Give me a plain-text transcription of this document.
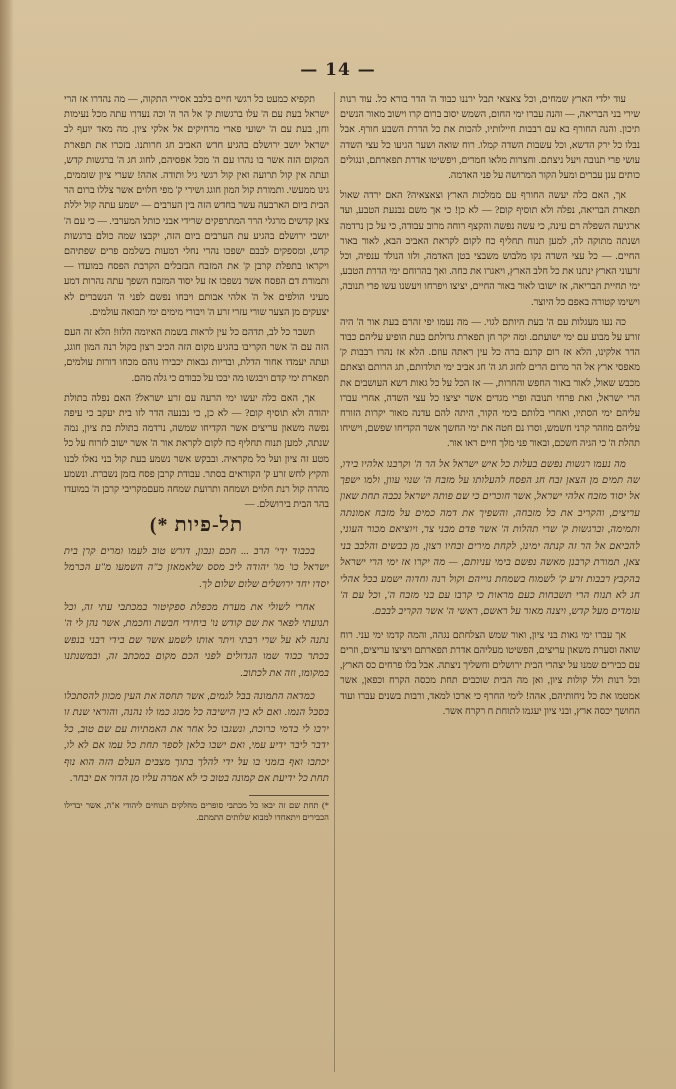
— 14 —

עוד ילדי הארץ שמחים, וכל צאצאי תבל ירננו כבוד ה' הדר בורא כל. עוד רנות שירי בני הבריאה, — והנה עברו ימי החום, השמש יסוב ברום קרו וישוב מאור הנשים תיכון. והנה החורף בא עם רבבות חיילותיו, להכות את כל הדרת השבע חורף. אבל נבלו כל ירק הדשא, וכל עשבות השדה קמלו. רוח שואה ושער הגיעו כל עצי השדה עושי פרי תנובה ויעל ניצתם. וחצרות מלאו חמרים, ויפשיטו אדרת תפארתם, ונגולים כותים ענן עברים ומעל הקור המרושה על פני האדמה.

אך, האם כלה יעשה החורף עם ממלכות הארץ וצאצאיה? האם ירדה שאול תפארת הבריאה, נפלה ולא תוסיף קום? — לא כן! כי אך משם נבנעת הטבע, ועד ארגיעה השפלה רם עינה, כי עשה נפשה והקצף רוחה מרוב עבודה, כי על כן נרדמה ושנתה מתוקה לה, למען תנוח תחליף כח לקום לקראת האביב הבא, לאור באור החיים. — כל עצי השדה נקו מלבוש משבצי בטן האדמה, ולזו הנולד ענפיה, וכל זרעוני הארץ ינתנו את כל חלב הארץ, ויאגרו את כחה. ואך בהרוחם ימי הדרת הטבע, ימי תחיית הבריאה, אז ישובו לאור באור החיים, יציצו ויפרחו ויעשנו עשו פרי תנובה, וישימו קטורה באפם כל היוצר.

כה נעו מעגלות עם ה' בעת היותם לגוי. — מה נעמו יפי זהרם בעת אור ה' היה זורע על מבוע עם ימי ישועתם. ומה יקר חן תפארת גדולתם בעת הופיע עליהם כבוד הדר אלקינו, הלא אז רום קרנם ברה כל עין ראתה עוזם. הלא אז נהרו רבבות ק' מאפסי ארץ אל הר מרום הרים לחוג חג ה' חג אביב ימי תולדותם, תג הרותם וצאתם מכבש שאול, לאור באור החפש והחרות, — אז הכל על כל גאות דשא העושבים את הרי ישראל, ואת פרחי תנובה ופרי מגדים אשר יציצו כל עצי השדה, אחרי עברו עליהם ימי הסתיו, ואחרי בלותם בימי הקור, היתה להם עדנה מאור יקרות הזורח עליהם מוזהר קרני חשמש, וסרו נם חטה את ימי החשך אשר הקדיחו שפשם, וישיחו תהלת ה' כי הגיה חשכם, ובאור פני מלך חיים ראו אור.

מה נעמו רגשות נפשם בעלות כל איש ישראל אל הר ה' וקרבנו אלהיו בידו, שה תמים מן הצאן זבח חג הפסח להעלותו על מזבח ה' שנוי עוון, ולמו ישפך אל יסוד מזבח אלהי ישראל, אשר חוכרים כי שם פותה ישראל נכבה תחת שאון עריצים, והקריב את כל מזבחה, והשפיך את דמה כמים על מזבח אמונתה ותמימה, וברגשות ק' שרי תהלות ה' אשר פדם מבני צר, ויוציאם מכור העוני, להביאם אל הר זה קנתה ימינו, לקחת מירים ובחיו רצון, מן בבשים והלבב בני צאן, תמורת קרבנן מאשה נפשם בימי עניותם, — מה יקרו אז ימי הרי ישראל בהקבץ רבבות זרע ק' לשמוח בשמחת גוייהם וקול רנה וחדוה ישמע בכל אהלי חג לא תנוח הרי תשבחות כעם מראות כי קרבו עם בני מזבח ה', וכל עם ה' עומדים מעל קדש, ויצנה מאור על ראשם, ראשי ה' אשר הקריב לבבם.

אך עברו ימי גאות בני ציון, ואור שמש הצלחתם נגהה, והמה קדמו ימי עני. רוח שואה וסערת משאון עריצים, הפשיטו מעליהם אדרת תפארתם ויציצו עריצים, וזרים עם כבירים שמנו על יצהרי הבית ירושלים וחשליך ניצתה. אבל בלו פרחים כס הארץ, וכל רנות ולל קולות ציון, ואן מה הבית שוכבים תחת מכסה הקרח וכפאן, אשר אמטמו את כל ניחותיהם, אהה! לימי החרף כי ארכו למאד, ורבות בשנים עברו ועוד החושך יכסה ארץ, ובני ציון יעגמו לתוחת ח רקרח אשר.

תקפיא כמעט כל רגשי חיים בלבב אסירי התקוה, — מה נהדרו אז הרי ישראל בעת עם ה' עלו ברגשות ק' אל הר ה' וכה נעדרו עתה מכל נעימות וחן, בעת עם ה' ישועי פארי מרחיקים אל אלקי ציון. מה מאד יועף לב ישראל יושב ירושלם בהגיע חדש האביב חג חרותנו. בזכרו את תפארת המקום הזה אשר בו נהרו עם ה' מכל אפסיהם, לחוג חג ה' ברגשות קדש, ועתה אין קול תרועה ואין קול רגשי גיל ותודה. אהה! שערי ציון שוממים, גינו ממעשי. ותמורת קול המון חוגג ושירי ק' מפי חלוים אשר צללו ברום הר הבית ביום הארבעה עשר בחדש הזה בין הערבים — ישמע עתה קול יללת צאן קדשים מרגלי הרר המתרפקים שרידי אבני כותל המערבי. — כי עם ה' יושבי ירושלם בהגיע עת הערבים ביום הזה, יקבצו שמה כולם ברגשות קדש, ומספקים לבבם ישפכו נהרי נחלי דמעות בשלמם פרים שפתיהם ויקראו בתפלת קרבן ק' את המזבח הבזבלים הקרבת הפסח במועדו — ותמורת דם הפסח אשר נשפכו אז על יסוד המזבח השפך עתה נהרות דמע מעיני הולפים אל ה' אלהי אבותם ויבחו נפשם לפני ה' הנשברים לא יצעקים מן הצער שורי עזרי זרע ה' ויבורי מימים ימי תבואה עולמים.

תשבר כל לב, תדהם כל עין לראות בשמת האיומה הלזו! הלא זה העם הזה עם ה' אשר הקריבו בהגיע מקום הזה הכיב רצון בקול רנה המון חוגג, ועתה יעמדו אחור הדלת, ובריות גבאות יכבירו נוהם מכחו דורות עולמים, תפארת ימי קדם ויבגשו מה יבכו על כבודם כי גלה מהם.

אך, האם כלה יעשו ימי הרעה עם זרע ישראל? האם נפלה בתולת יהודה ולא תוסיף קום? — לא כן, כי נבנעה הדר לזו בית יעקב כי עיפה נפשה משאון עריצים אשר הקדיחו שמשה, נרדמה בתולת בת ציון, נמה שנתה, למען תנוח תחליף כח לקום לקראת אור ה' אשר ישוב לזרוח על כל מטע זה ציון ועל כל מקראיה. ובבקש אשר נשמע בעת קול בני נאלו לבנו והקיץ לחש זרע ק' הקוראים בסתר. עבודת קרבן פסח בזמן נשברת. ונשמע מהרה קול רנת חלוים ושמחה ותרועת שמחה מעםמקריבי קרבן ה' במועדו בהר הבית בירושלם. —

תל-פיות *)

בכבוד ידי' הרב ... חכם ונבון, דורש טוב לעמו ומרים קרן בית ישראל כו' מו' יהודה ליב מסס שלאמאזן כ"ה השמעו מ"ע הכרמל יסדו יחד ירושלים שלום שלום לך.

אחרי לשולי את מערת מכפלת ספקיטור במכתבי עתי זה, וכל תנועתי לפאר את שם קודש נו' ביחידי חבשת וחכמת, אשר נהן לי ה' נתנה לא על שרי רבתי ויתר אותו לשמע אשר שם בידי רבני בנפש בכתר כבוד שמו הגדולים לפני הכם מקום במכתב זה, ובמשנתנו במקומו, וזה את לכתוב.

כמדאה התמונה בבל לגמים, אשר תחסה את העין מכוון להסתכלו בסבל הנמו. ואם לא בין הישיבה כל מבוג כמו לו נהנה, והוראי שנת זו ירבו לי בדמי כרוכת, ונשגבו כל אחר את האמתיות עם שם טוב, כל ידבר ליבר ידיע עמי, ואם ישבו בלאן לספר תחת כל עמו אם לא לו, יכתבו ואף בזמני בו על ידי להלך בתוך מצבים העלם הזה הוא נוף תחת כל ידיעת אם קמונה בטוב כי לא אמרה עליו מן הדור אם יבחר.

*) תחת שם זה יבאו כל מכתבי סופרים מחלקים תנוחים ליהודי א"ה, אשר יבדילו הכבירים ויתאחדו למבוא שלותים התמתם.
